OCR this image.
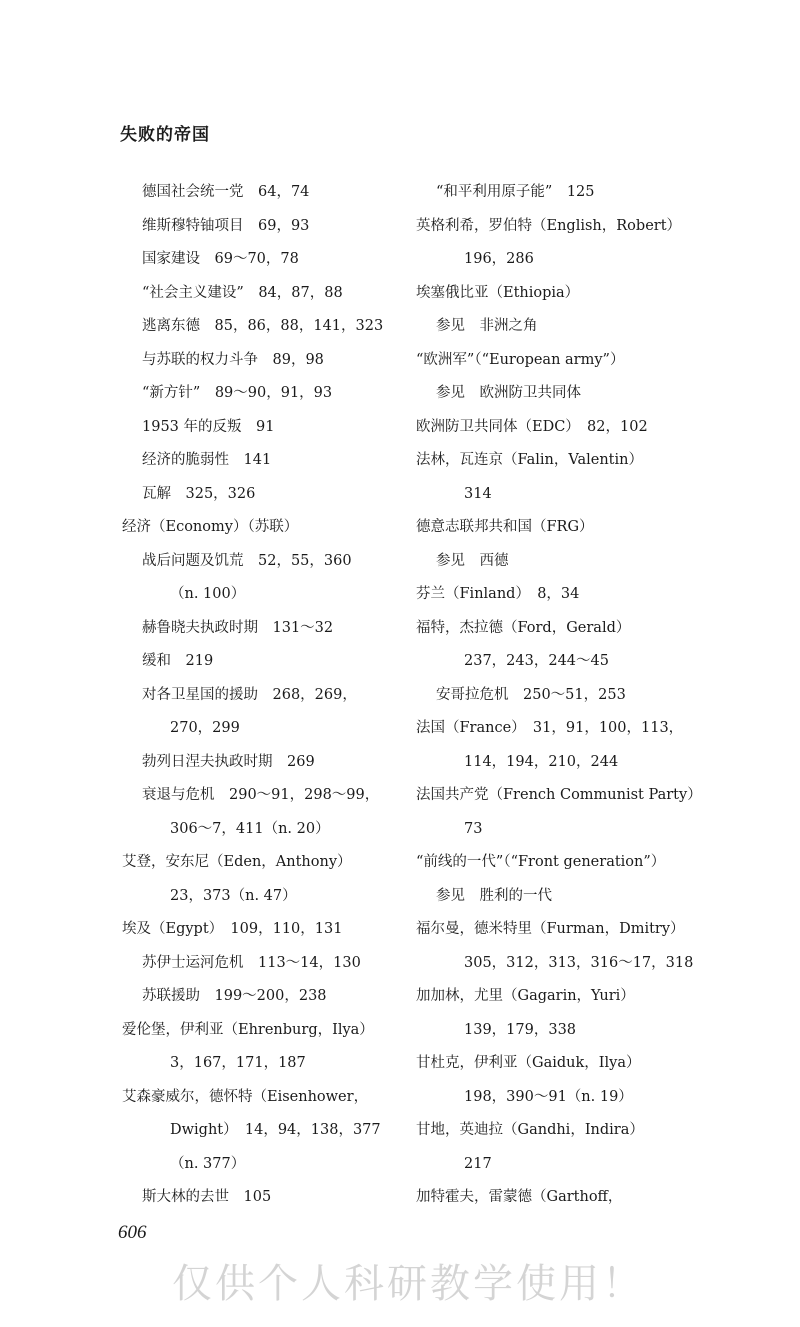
失败的帝国
德国社会统一党　64，74
维斯穆特铀项目　69，93
国家建设　69～70，78
“社会主义建设”　84，87，88
逃离东德　85，86，88，141，323
与苏联的权力斗争　89，98
“新方针”　89～90，91，93
1953 年的反叛　91
经济的脆弱性　141
瓦解　325，326
经济（Economy）（苏联）
战后问题及饥荒　52，55，360
（n. 100）
赫鲁晓夫执政时期　131～32
缓和　219
对各卫星国的援助　268，269，
270，299
勃列日涅夫执政时期　269
衰退与危机　290～91，298～99，
306～7，411（n. 20）
艾登，安东尼（Eden，Anthony）
23，373（n. 47）
埃及（Egypt）　109，110，131
苏伊士运河危机　113～14，130
苏联援助　199～200，238
爱伦堡，伊利亚（Ehrenburg，Ilya）
3，167，171，187
艾森豪威尔，德怀特（Eisenhower，
Dwight）　14，94，138，377
（n. 377）
斯大林的去世　105
“和平利用原子能”　125
英格利希，罗伯特（English，Robert）
196，286
埃塞俄比亚（Ethiopia）
参见　非洲之角
“欧洲军”（“European army”）
参见　欧洲防卫共同体
欧洲防卫共同体（EDC）　82，102
法林，瓦连京（Falin，Valentin）
314
德意志联邦共和国（FRG）
参见　西德
芬兰（Finland）　8，34
福特，杰拉德（Ford，Gerald）
237，243，244～45
安哥拉危机　250～51，253
法国（France）　31，91，100，113，
114，194，210，244
法国共产党（French Communist Party）
73
“前线的一代”（“Front generation”）
参见　胜利的一代
福尔曼，德米特里（Furman，Dmitry）
305，312，313，316～17，318
加加林，尤里（Gagarin，Yuri）
139，179，338
甘杜克，伊利亚（Gaiduk，Ilya）
198，390～91（n. 19）
甘地，英迪拉（Gandhi，Indira）
217
加特霍夫，雷蒙德（Garthoff，
606
仅供个人科研教学使用！
